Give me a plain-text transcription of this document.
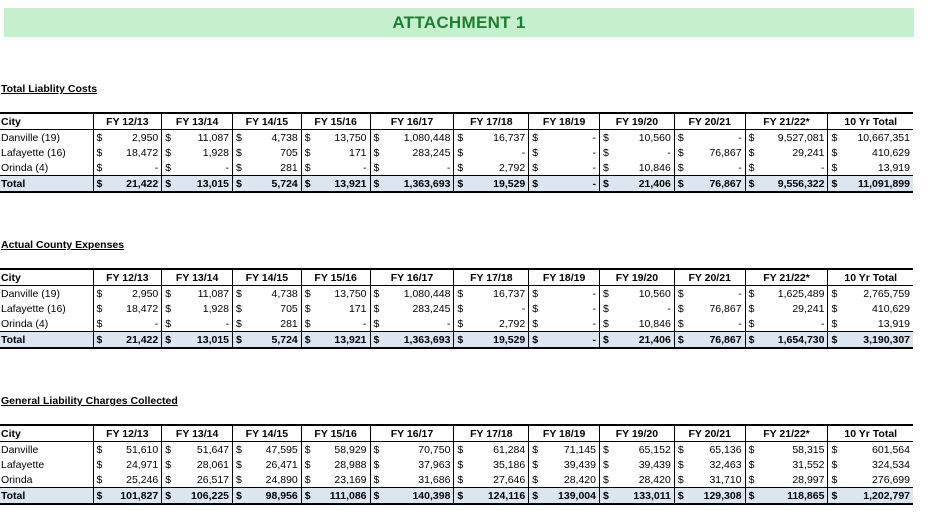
ATTACHMENT 1
Total Liablity Costs
City	FY 12/13		FY 13/14		FY 14/15		FY 15/16		FY 16/17		FY 17/18		FY 18/19		FY 19/20		FY 20/21		FY 21/22*		10 Yr Total	
Danville (19)	$	2,950	$	11,087	$	4,738	$	13,750	$	1,080,448	$	16,737	$	-	$	10,560	$	-	$	9,527,081	$	10,667,351
Lafayette (16)	$	18,472	$	1,928	$	705	$	171	$	283,245	$	-	$	-	$	-	$	76,867	$	29,241	$	410,629
Orinda (4)	$	-	$	-	$	281	$	-	$	-	$	2,792	$	-	$	10,846	$	-	$	-	$	13,919
Total	$	21,422	$	13,015	$	5,724	$	13,921	$	1,363,693	$	19,529	$	-	$	21,406	$	76,867	$	9,556,322	$	11,091,899
Actual County Expenses
City	FY 12/13		FY 13/14		FY 14/15		FY 15/16		FY 16/17		FY 17/18		FY 18/19		FY 19/20		FY 20/21		FY 21/22*		10 Yr Total	
Danville (19)	$	2,950	$	11,087	$	4,738	$	13,750	$	1,080,448	$	16,737	$	-	$	10,560	$	-	$	1,625,489	$	2,765,759
Lafayette (16)	$	18,472	$	1,928	$	705	$	171	$	283,245	$	-	$	-	$	-	$	76,867	$	29,241	$	410,629
Orinda (4)	$	-	$	-	$	281	$	-	$	-	$	2,792	$	-	$	10,846	$	-	$	-	$	13,919
Total	$	21,422	$	13,015	$	5,724	$	13,921	$	1,363,693	$	19,529	$	-	$	21,406	$	76,867	$	1,654,730	$	3,190,307
General Liability Charges Collected
City	FY 12/13		FY 13/14		FY 14/15		FY 15/16		FY 16/17		FY 17/18		FY 18/19		FY 19/20		FY 20/21		FY 21/22*		10 Yr Total	
Danville	$	51,610	$	51,647	$	47,595	$	58,929	$	70,750	$	61,284	$	71,145	$	65,152	$	65,136	$	58,315	$	601,564
Lafayette	$	24,971	$	28,061	$	26,471	$	28,988	$	37,963	$	35,186	$	39,439	$	39,439	$	32,463	$	31,552	$	324,534
Orinda	$	25,246	$	26,517	$	24,890	$	23,169	$	31,686	$	27,646	$	28,420	$	28,420	$	31,710	$	28,997	$	276,699
Total	$	101,827	$	106,225	$	98,956	$	111,086	$	140,398	$	124,116	$	139,004	$	133,011	$	129,308	$	118,865	$	1,202,797
